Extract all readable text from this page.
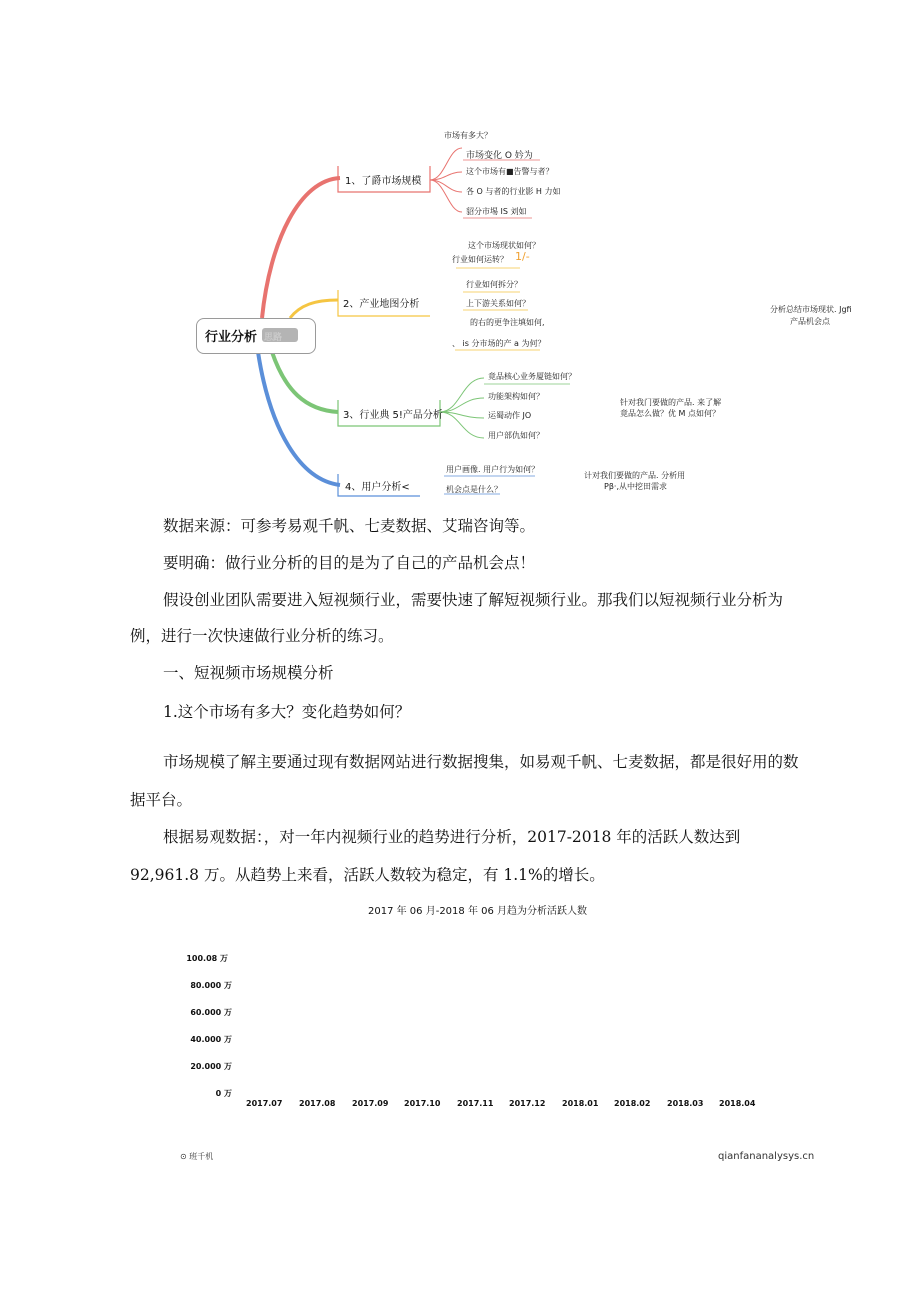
行业分析 思路
1、了爵市场规模
市场有多大？
市场变化 O 妗为
这个市场有■告警与者？
各 O 与者的行业影 H 力如
貂分市埸 IS 刘如
2、产业地图分析
这个市场现状如何？
行业如何运转？ 1/-
行业如何拆分？
上下游关系如何？
的右的更争注填如何,
、 is 分市场的产 a 为何？
3、行业典 5!产品分析
竟品核心业务厦链如何？
功能架构如何？
运蜀动作 JO
用户部仇如何？
4、用户分析<
用户画像. 用户行为如何？
机会点是什么？
分析总结市场现状. Jgfi
产品机会点
针对我门要做的产品. 来了解
竟品怎么做？优 M 点如何？
计对我们要做的产品. 分析用
Pβ·,从中挖田需求
数据来源：可参考易观千帆、七麦数据、艾瑞咨询等。
要明确：做行业分析的目的是为了自己的产品机会点！
假设创业团队需要进入短视频行业，需要快速了解短视频行业。那我们以短视频行业分析为
例，进行一次快速做行业分析的练习。
一、短视频市场规模分析
1.这个市场有多大？变化趋势如何？
市场规模了解主要通过现有数据网站进行数据搜集，如易观千帆、七麦数据，都是很好用的数
据平台。
根据易观数据：，对一年内视频行业的趋势进行分析，2017-2018 年的活跃人数达到
92,961.8 万。从趋势上来看，活跃人数较为稳定，有 1.1%的增长。
2017 年 06 月-2018 年 06 月趋为分析活跃人数
100.08 万
80.000 万
60.000 万
40.000 万
20.000 万
0 万
2017.07 2017.08 2017.09 2017.10 2017.11 2017.12 2018.01 2018.02 2018.03 2018.04
⊙ 班千机	qianfananalysys.cn
